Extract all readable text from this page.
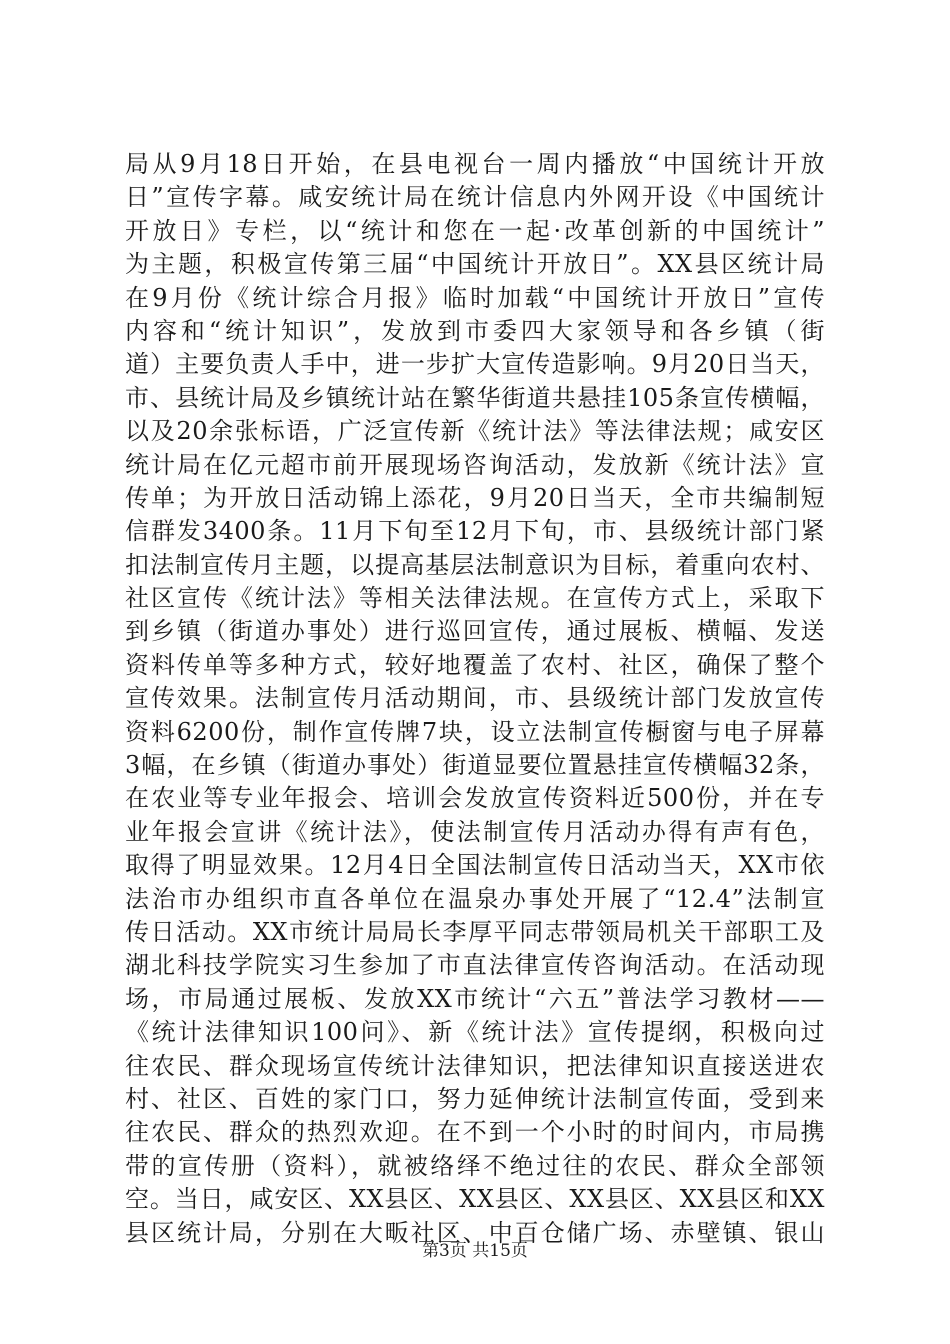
局从9月18日开始，在县电视台一周内播放“中国统计开放
日”宣传字幕。咸安统计局在统计信息内外网开设《中国统计
开放日》专栏，以“统计和您在一起·改革创新的中国统计”
为主题，积极宣传第三届“中国统计开放日”。XX县区统计局
在9月份《统计综合月报》临时加载“中国统计开放日”宣传
内容和“统计知识”，发放到市委四大家领导和各乡镇（街
道）主要负责人手中，进一步扩大宣传造影响。9月20日当天，
市、县统计局及乡镇统计站在繁华街道共悬挂105条宣传横幅，
以及20余张标语，广泛宣传新《统计法》等法律法规；咸安区
统计局在亿元超市前开展现场咨询活动，发放新《统计法》宣
传单；为开放日活动锦上添花，9月20日当天，全市共编制短
信群发3400条。11月下旬至12月下旬，市、县级统计部门紧
扣法制宣传月主题，以提高基层法制意识为目标，着重向农村、
社区宣传《统计法》等相关法律法规。在宣传方式上，采取下
到乡镇（街道办事处）进行巡回宣传，通过展板、横幅、发送
资料传单等多种方式，较好地覆盖了农村、社区，确保了整个
宣传效果。法制宣传月活动期间，市、县级统计部门发放宣传
资料6200份，制作宣传牌7块，设立法制宣传橱窗与电子屏幕
3幅，在乡镇（街道办事处）街道显要位置悬挂宣传横幅32条，
在农业等专业年报会、培训会发放宣传资料近500份，并在专
业年报会宣讲《统计法》，使法制宣传月活动办得有声有色，
取得了明显效果。12月4日全国法制宣传日活动当天，XX市依
法治市办组织市直各单位在温泉办事处开展了“12.4”法制宣
传日活动。XX市统计局局长李厚平同志带领局机关干部职工及
湖北科技学院实习生参加了市直法律宣传咨询活动。在活动现
场，市局通过展板、发放XX市统计“六五”普法学习教材——
《统计法律知识100问》、新《统计法》宣传提纲，积极向过
往农民、群众现场宣传统计法律知识，把法律知识直接送进农
村、社区、百姓的家门口，努力延伸统计法制宣传面，受到来
往农民、群众的热烈欢迎。在不到一个小时的时间内，市局携
带的宣传册（资料），就被络绎不绝过往的农民、群众全部领
空。当日，咸安区、XX县区、XX县区、XX县区、XX县区和XX
县区统计局，分别在大畈社区、中百仓储广场、赤壁镇、银山
第3页 共15页
